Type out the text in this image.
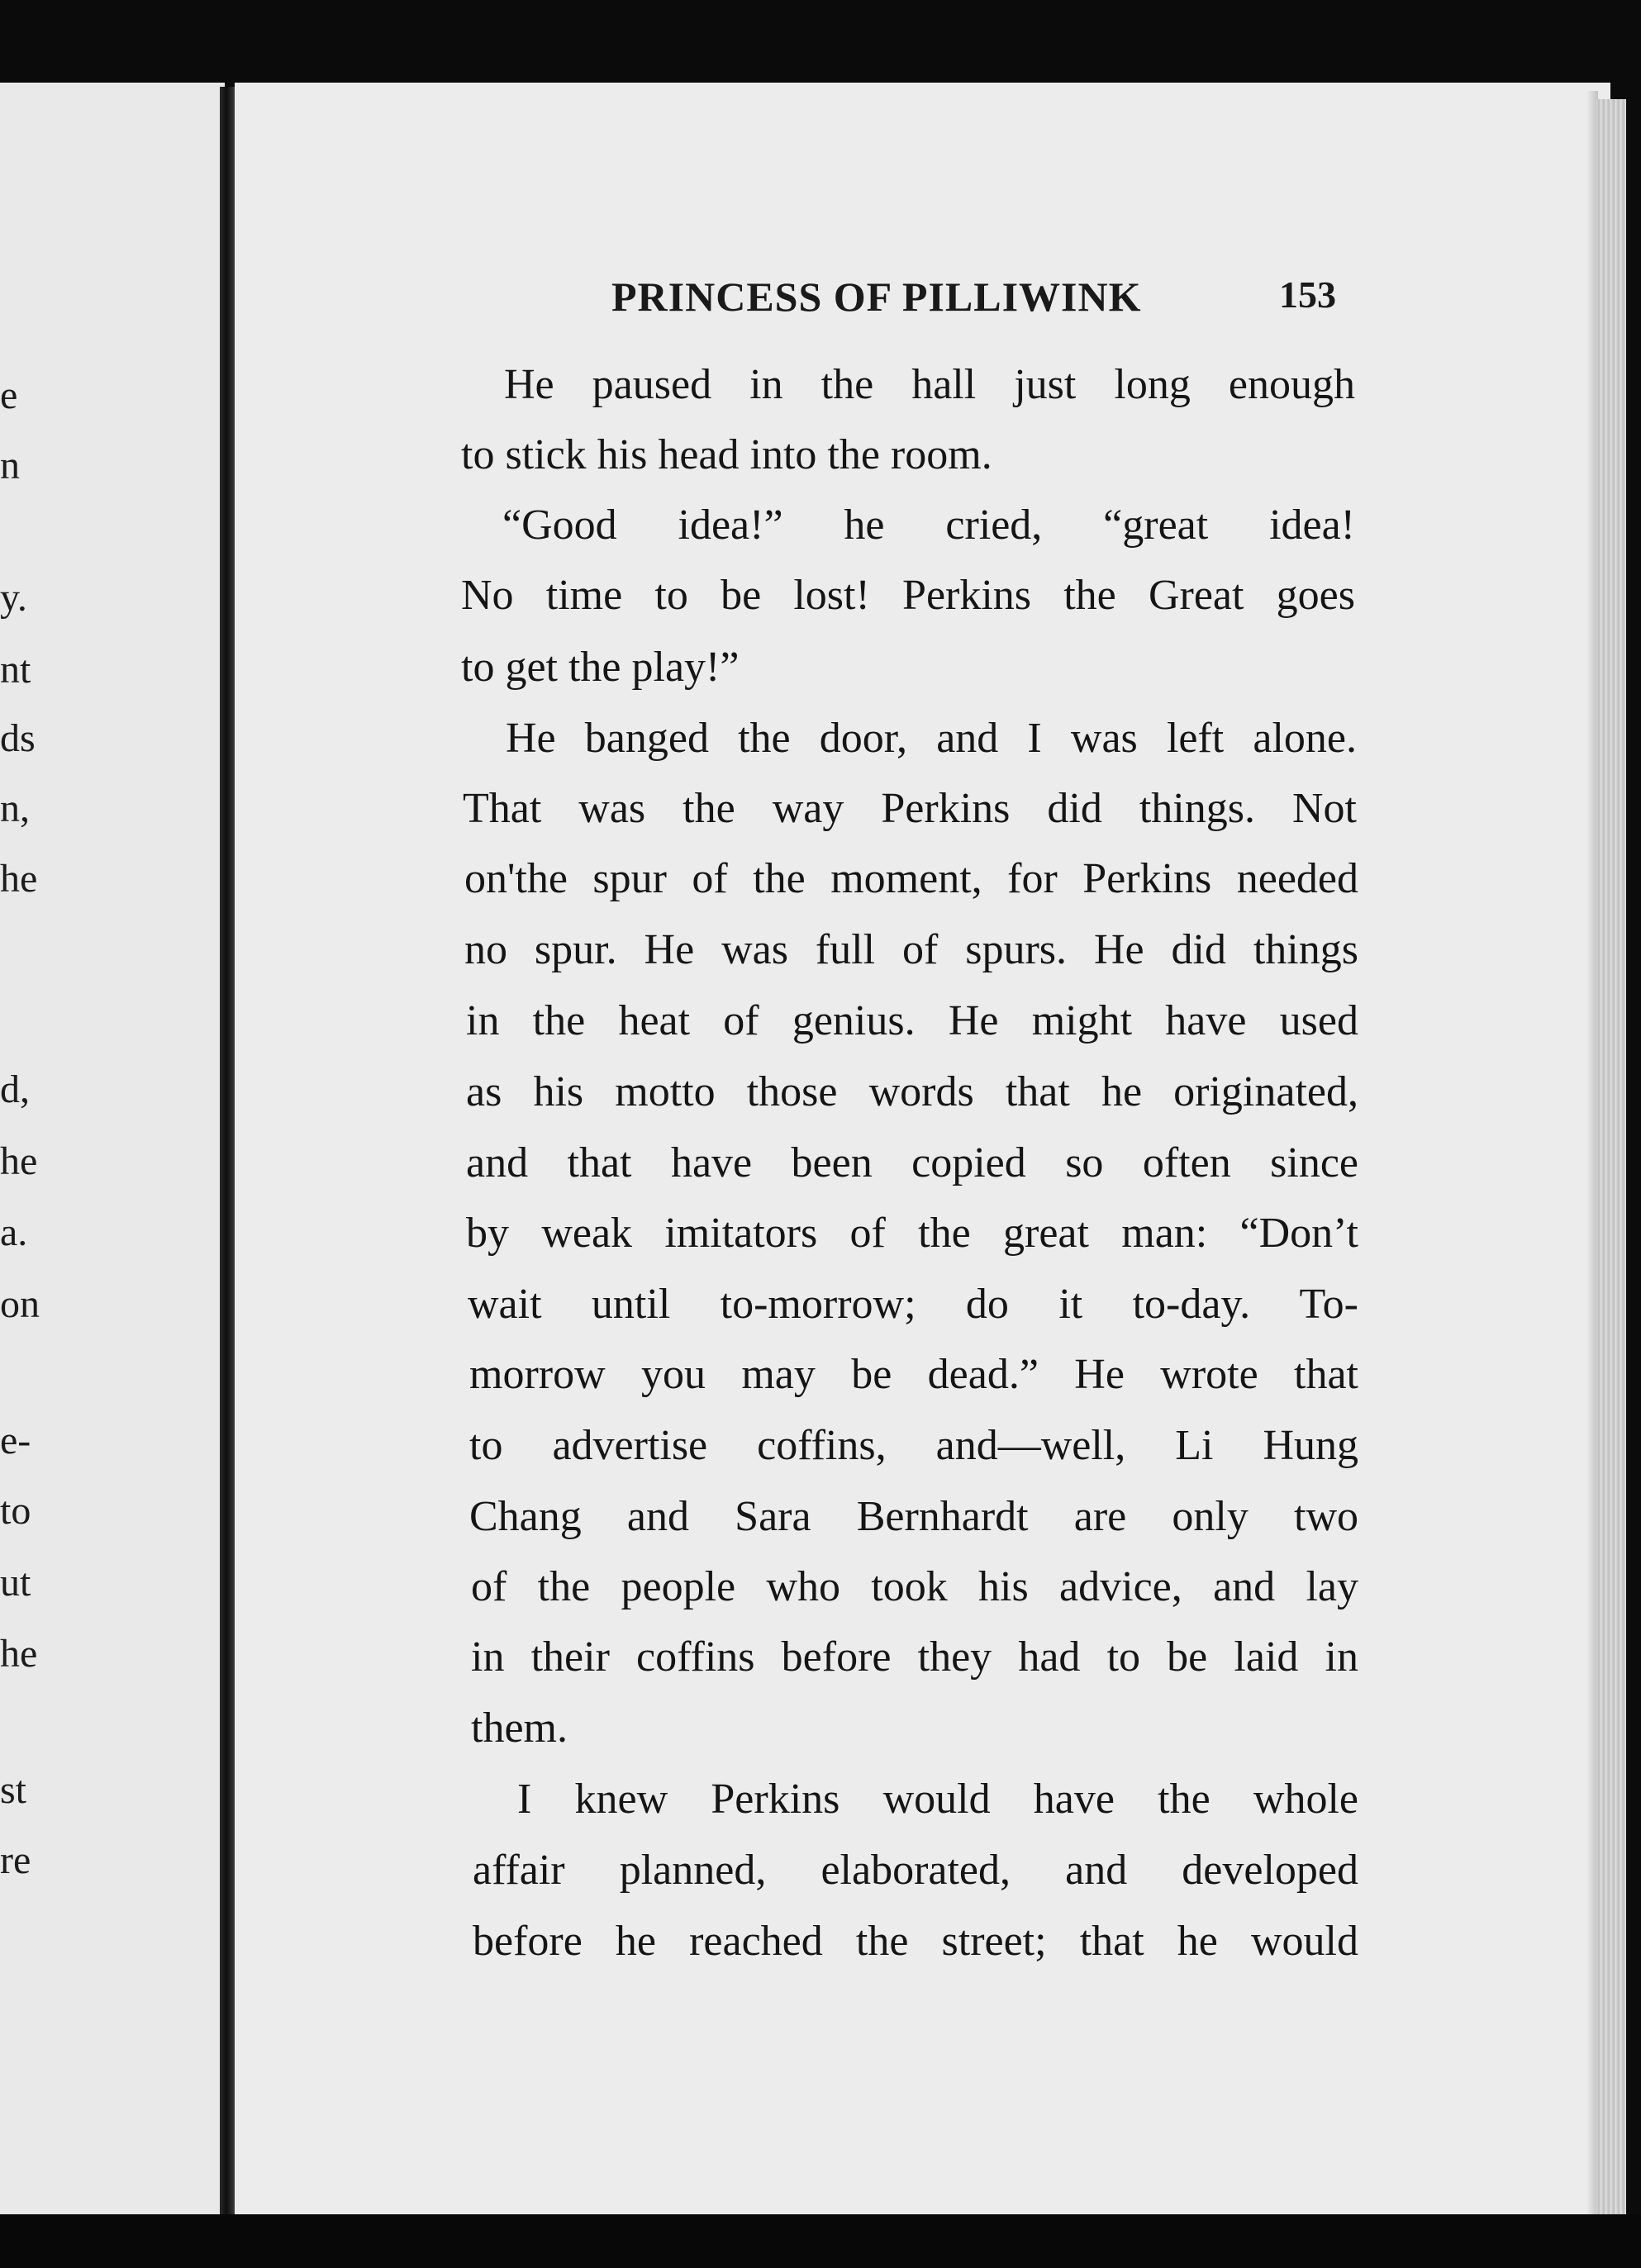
e
n
y.
nt
ds
n,
he
d,
he
a.
on
e-
to
ut
he
st
re
PRINCESS OF PILLIWINK	153
He paused in the hall just long enough
to stick his head into the room.
“Good idea!” he cried, “great idea!
No time to be lost! Perkins the Great goes
to get the play!”
He banged the door, and I was left alone.
That was the way Perkins did things. Not
on'the spur of the moment, for Perkins needed
no spur. He was full of spurs. He did things
in the heat of genius. He might have used
as his motto those words that he originated,
and that have been copied so often since
by weak imitators of the great man: “Don’t
wait until to-morrow; do it to-day. To-
morrow you may be dead.” He wrote that
to advertise coffins, and—well, Li Hung
Chang and Sara Bernhardt are only two
of the people who took his advice, and lay
in their coffins before they had to be laid in
them.
I knew Perkins would have the whole
affair planned, elaborated, and developed
before he reached the street; that he would
